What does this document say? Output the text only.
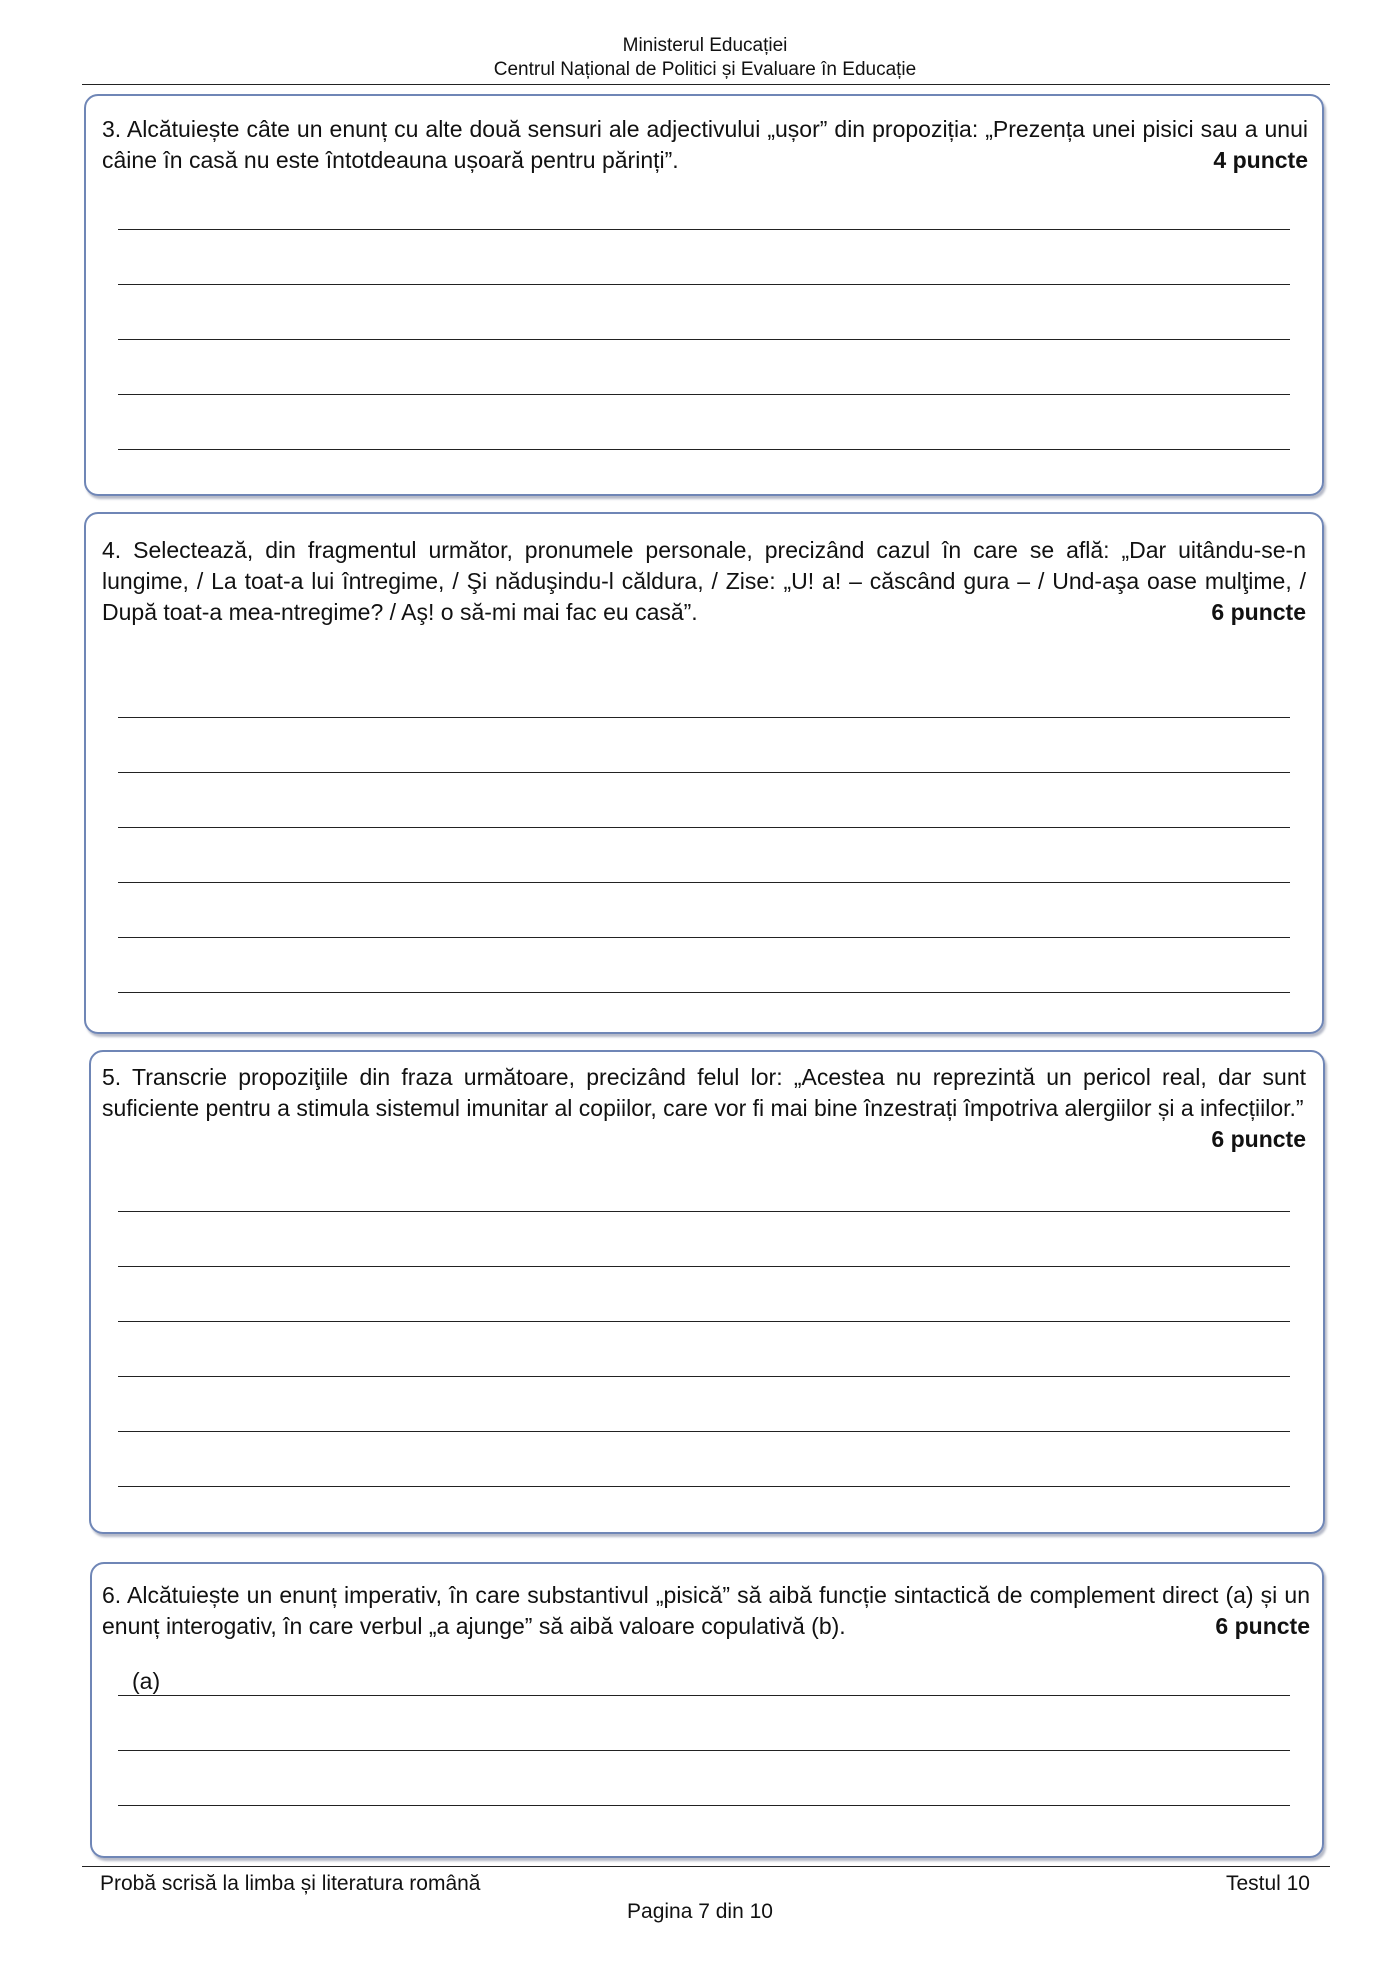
Ministerul Educației
Centrul Național de Politici și Evaluare în Educație
3. Alcătuiește câte un enunț cu alte două sensuri ale adjectivului „ușor” din propoziția: „Prezența unei pisici sau a unui câine în casă nu este întotdeauna ușoară pentru părinți”.	4 puncte
4. Selectează, din fragmentul următor, pronumele personale, precizând cazul în care se află: „Dar uitându-se-n lungime, / La toat-a lui întregime, / Şi năduşindu-l căldura, / Zise: „U! a! – căscând gura – / Und-aşa oase mulţime, / După toat-a mea-ntregime? / Aş! o să-mi mai fac eu casă”.	6 puncte
5. Transcrie propoziţiile din fraza următoare, precizând felul lor: „Acestea nu reprezintă un pericol real, dar sunt suficiente pentru a stimula sistemul imunitar al copiilor, care vor fi mai bine înzestrați împotriva alergiilor și a infecțiilor.”
6 puncte
6. Alcătuiește un enunț imperativ, în care substantivul „pisică” să aibă funcție sintactică de complement direct (a) și un enunț interogativ, în care verbul „a ajunge” să aibă valoare copulativă (b).	6 puncte
(a)
Probă scrisă la limba și literatura română	Testul 10
Pagina 7 din 10
